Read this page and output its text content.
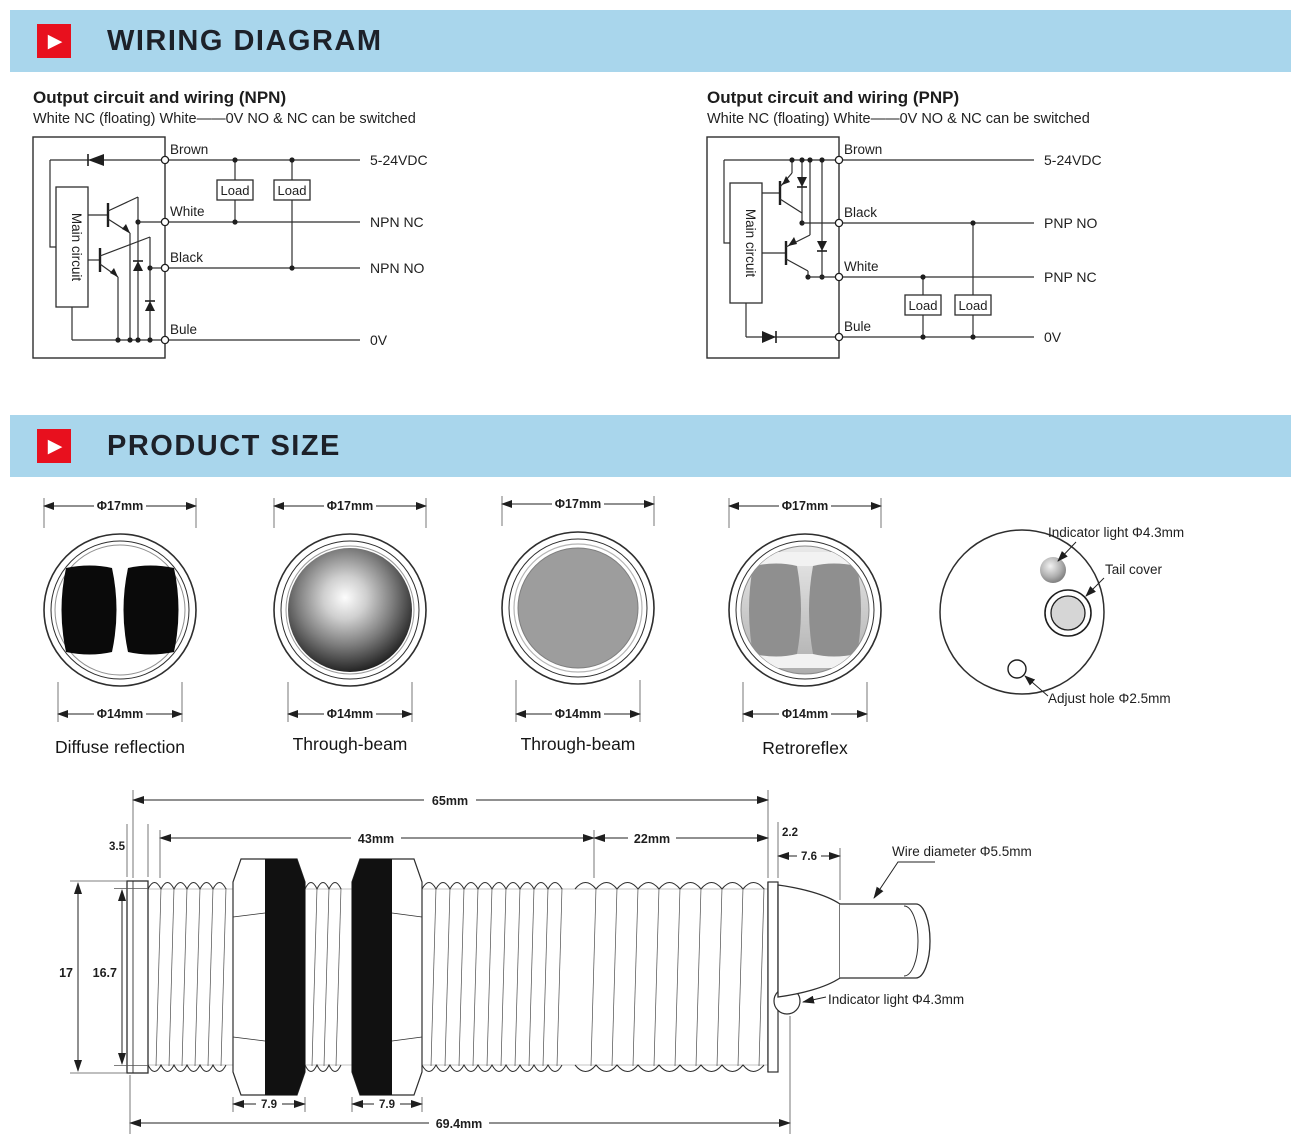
▶ WIRING DIAGRAM
Output circuit and wiring (NPN)
White NC (floating) White——0V NO & NC can be switched
Output circuit and wiring (PNP)
White NC (floating) White——0V NO & NC can be switched
Main circuit
Load Load
Brown
White
Black
Bule
5-24VDC
NPN NC
NPN NO
0V
Main circuit
Load Load
Brown
Black
White
Bule
5-24VDC
PNP NO
PNP NC
0V
▶ PRODUCT SIZE
Φ17mm
Φ14mm
Diffuse reflection
Φ17mm
Φ14mm
Through-beam
Φ17mm
Φ14mm
Through-beam
Φ17mm
Φ14mm
Retroreflex
Indicator light Φ4.3mm
Tail cover
Adjust hole Φ2.5mm
65mm
43mm	22mm	2.2
3.5
7.6
17 16.7
7.9	7.9
69.4mm
Wire diameter Φ5.5mm
Indicator light Φ4.3mm
